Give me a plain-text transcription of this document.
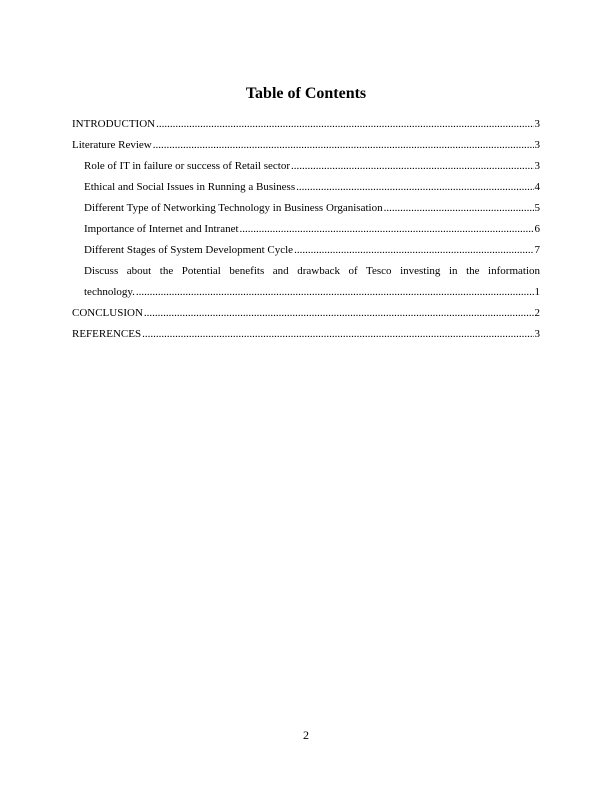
Table of Contents
INTRODUCTION .....	3
Literature Review .....	3
Role of IT in failure or success of Retail sector .....	3
Ethical and Social Issues in Running a Business .....	4
Different Type of Networking Technology in Business Organisation .....	5
Importance of Internet and Intranet .....	6
Different Stages of System Development Cycle .....	7
Discuss about the Potential benefits and drawback of Tesco investing in the information
technology. .....	1
CONCLUSION .....	2
REFERENCES .....	3
2
